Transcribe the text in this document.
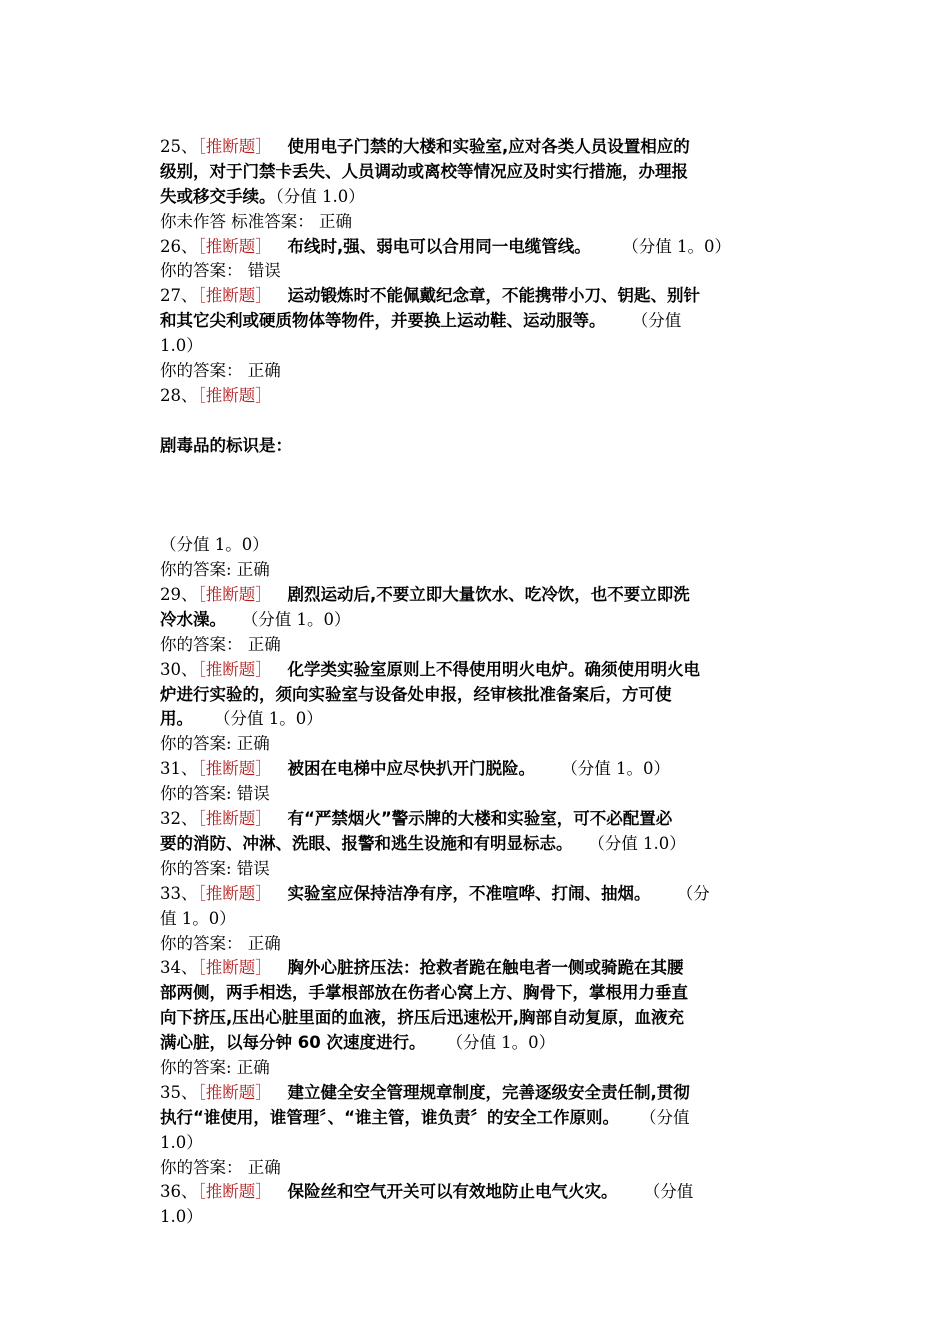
25、［推断题］ 使用电子门禁的大楼和实验室,应对各类人员设置相应的
级别，对于门禁卡丢失、人员调动或离校等情况应及时实行措施，办理报
失或移交手续。（分值 1.0）
你未作答 标准答案： 正确
26、［推断题］ 布线时,强、弱电可以合用同一电缆管线。 （分值 1。0）
你的答案： 错误
27、［推断题］ 运动锻炼时不能佩戴纪念章，不能携带小刀、钥匙、别针
和其它尖利或硬质物体等物件，并要换上运动鞋、运动服等。 （分值
1.0）
你的答案： 正确
28、［推断题］
剧毒品的标识是：
（分值 1。0）
你的答案: 正确
29、［推断题］ 剧烈运动后,不要立即大量饮水、吃冷饮，也不要立即洗
冷水澡。 （分值 1。0）
你的答案： 正确
30、［推断题］ 化学类实验室原则上不得使用明火电炉。确须使用明火电
炉进行实验的，须向实验室与设备处申报，经审核批准备案后，方可使
用。 （分值 1。0）
你的答案: 正确
31、［推断题］ 被困在电梯中应尽快扒开门脱险。 （分值 1。0）
你的答案: 错误
32、［推断题］ 有“严禁烟火”警示牌的大楼和实验室，可不必配置必
要的消防、冲淋、洗眼、报警和逃生设施和有明显标志。 （分值 1.0）
你的答案: 错误
33、［推断题］ 实验室应保持洁净有序，不准喧哗、打闹、抽烟。 （分
值 1。0）
你的答案： 正确
34、［推断题］ 胸外心脏挤压法：抢救者跪在触电者一侧或骑跪在其腰
部两侧，两手相迭，手掌根部放在伤者心窝上方、胸骨下，掌根用力垂直
向下挤压,压出心脏里面的血液，挤压后迅速松开,胸部自动复原，血液充
满心脏，以每分钟 60 次速度进行。 （分值 1。0）
你的答案: 正确
35、［推断题］ 建立健全安全管理规章制度，完善逐级安全责任制,贯彻
执行“谁使用，谁管理〞、“谁主管，谁负责〞的安全工作原则。 （分值
1.0）
你的答案： 正确
36、［推断题］ 保险丝和空气开关可以有效地防止电气火灾。 （分值
1.0）
